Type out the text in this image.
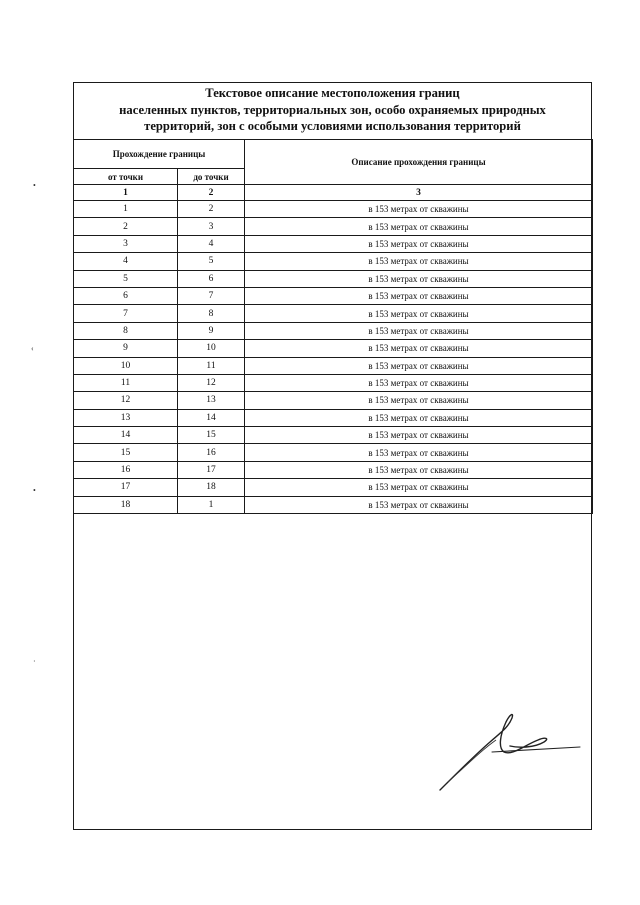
Текстовое описание местоположения границ
населенных пунктов, территориальных зон, особо охраняемых природных
территорий, зон с особыми условиями использования территорий
Прохождение границы		Описание прохождения границы
от точки	до точки	
1	2	3
1	2	в 153 метрах от скважины
2	3	в 153 метрах от скважины
3	4	в 153 метрах от скважины
4	5	в 153 метрах от скважины
5	6	в 153 метрах от скважины
6	7	в 153 метрах от скважины
7	8	в 153 метрах от скважины
8	9	в 153 метрах от скважины
9	10	в 153 метрах от скважины
10	11	в 153 метрах от скважины
11	12	в 153 метрах от скважины
12	13	в 153 метрах от скважины
13	14	в 153 метрах от скважины
14	15	в 153 метрах от скважины
15	16	в 153 метрах от скважины
16	17	в 153 метрах от скважины
17	18	в 153 метрах от скважины
18	1	в 153 метрах от скважины
•
‹
•
·
